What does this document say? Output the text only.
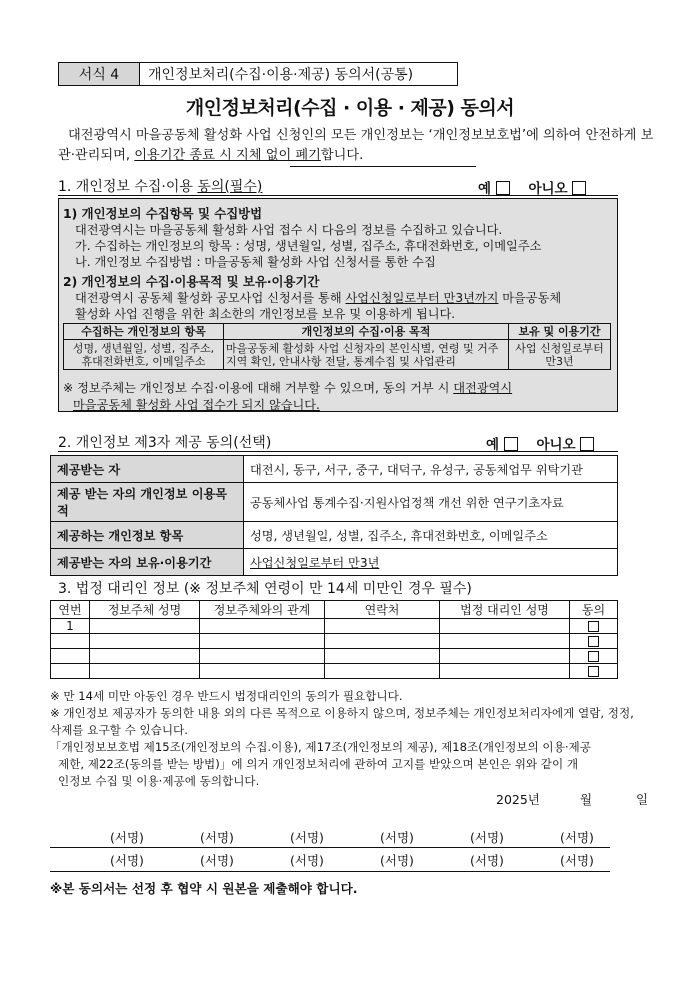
서식 4	개인정보처리(수집·이용·제공) 동의서(공통)
개인정보처리(수집 · 이용 · 제공) 동의서
대전광역시 마을공동체 활성화 사업 신청인의 모든 개인정보는 ‘개인정보보호법’에 의하여 안전하게 보관·관리되며, 이용기간 종료 시 지체 없이 폐기합니다.
1. 개인정보 수집·이용 동의(필수)	예	아니오
1) 개인정보의 수집항목 및 수집방법
대전광역시는 마을공동체 활성화 사업 접수 시 다음의 정보를 수집하고 있습니다.
가. 수집하는 개인정보의 항목 : 성명, 생년월일, 성별, 집주소, 휴대전화번호, 이메일주소
나. 개인정보 수집방법 : 마을공동체 활성화 사업 신청서를 통한 수집
2) 개인정보의 수집·이용목적 및 보유·이용기간
대전광역시 공동체 활성화 공모사업 신청서를 통해 사업신청일로부터 만3년까지 마을공동체
활성화 사업 진행을 위한 최소한의 개인정보를 보유 및 이용하게 됩니다.
수집하는 개인정보의 항목	개인정보의 수집·이용 목적	보유 및 이용기간
성명, 생년월일, 성별, 집주소, 휴대전화번호, 이메일주소	마을공동체 활성화 사업 신청자의 본인식별, 연령 및 거주지역 확인, 안내사항 전달, 통계수집 및 사업관리	사업 신청일로부터 만3년
※ 정보주체는 개인정보 수집·이용에 대해 거부할 수 있으며, 동의 거부 시 대전광역시
마을공동체 활성화 사업 접수가 되지 않습니다.
2. 개인정보 제3자 제공 동의(선택)	예	아니오
제공받는 자	대전시, 동구, 서구, 중구, 대덕구, 유성구, 공동체업무 위탁기관
제공 받는 자의 개인정보 이용목적	공동체사업 통계수집·지원사업정책 개선 위한 연구기초자료
제공하는 개인정보 항목	성명, 생년월일, 성별, 집주소, 휴대전화번호, 이메일주소
제공받는 자의 보유·이용기간	사업신청일로부터 만3년
3. 법정 대리인 정보 (※ 정보주체 연령이 만 14세 미만인 경우 필수)
연번	정보주체 성명	정보주체와의 관계	연락처	법정 대리인 성명	동의
1					

※ 만 14세 미만 아동인 경우 반드시 법정대리인의 동의가 필요합니다.
※ 개인정보 제공자가 동의한 내용 외의 다른 목적으로 이용하지 않으며, 정보주체는 개인정보처리자에게 열람, 정정,
삭제를 요구할 수 있습니다.
「개인정보보호법 제15조(개인정보의 수집.이용), 제17조(개인정보의 제공), 제18조(개인정보의 이용·제공
제한, 제22조(동의를 받는 방법)」에 의거 개인정보처리에 관하여 고지를 받았으며 본인은 위와 같이 개
인정보 수집 및 이용·제공에 동의합니다.
2025년	월	일
(서명)	(서명)	(서명)	(서명)	(서명)	(서명)
(서명)	(서명)	(서명)	(서명)	(서명)	(서명)
※본 동의서는 선정 후 협약 시 원본을 제출해야 합니다.
